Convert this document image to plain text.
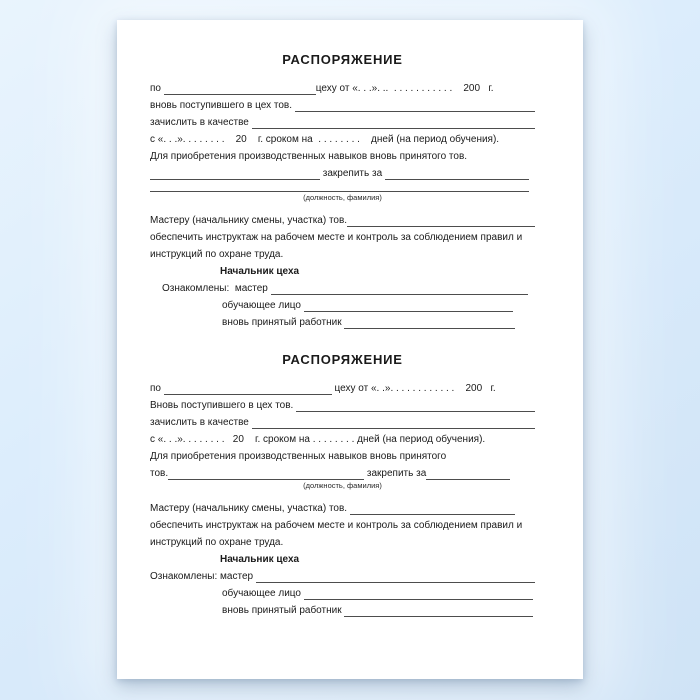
РАСПОРЯЖЕНИЕ
по	цеху от «. . .». ..  . . . . . . . . . . .    200   г.
вновь поступившего в цех тов.
зачислить в качестве
с «. . .». . . . . . . .    20    г. сроком на  . . . . . . . .    дней (на период обучения).
Для приобретения производственных навыков вновь принятого тов.
закрепить за
(должность, фамилия)
Мастеру (начальнику смены, участка) тов.
обеспечить инструктаж на рабочем месте и контроль за соблюдением правил и
инструкций по охране труда.
Начальник цеха
Ознакомлены:  мастер
обучающее лицо
вновь принятый работник
РАСПОРЯЖЕНИЕ
по	цеху от «. .». . . . . . . . . . . .    200   г.
Вновь поступившего в цех тов.
зачислить в качестве
с «. . .». . . . . . . .   20    г. сроком на . . . . . . . . дней (на период обучения).
Для приобретения производственных навыков вновь принятого
тов.	закрепить за
(должность, фамилия)
Мастеру (начальнику смены, участка) тов.
обеспечить инструктаж на рабочем месте и контроль за соблюдением правил и
инструкций по охране труда.
Начальник цеха
Ознакомлены: мастер
обучающее лицо
вновь принятый работник
